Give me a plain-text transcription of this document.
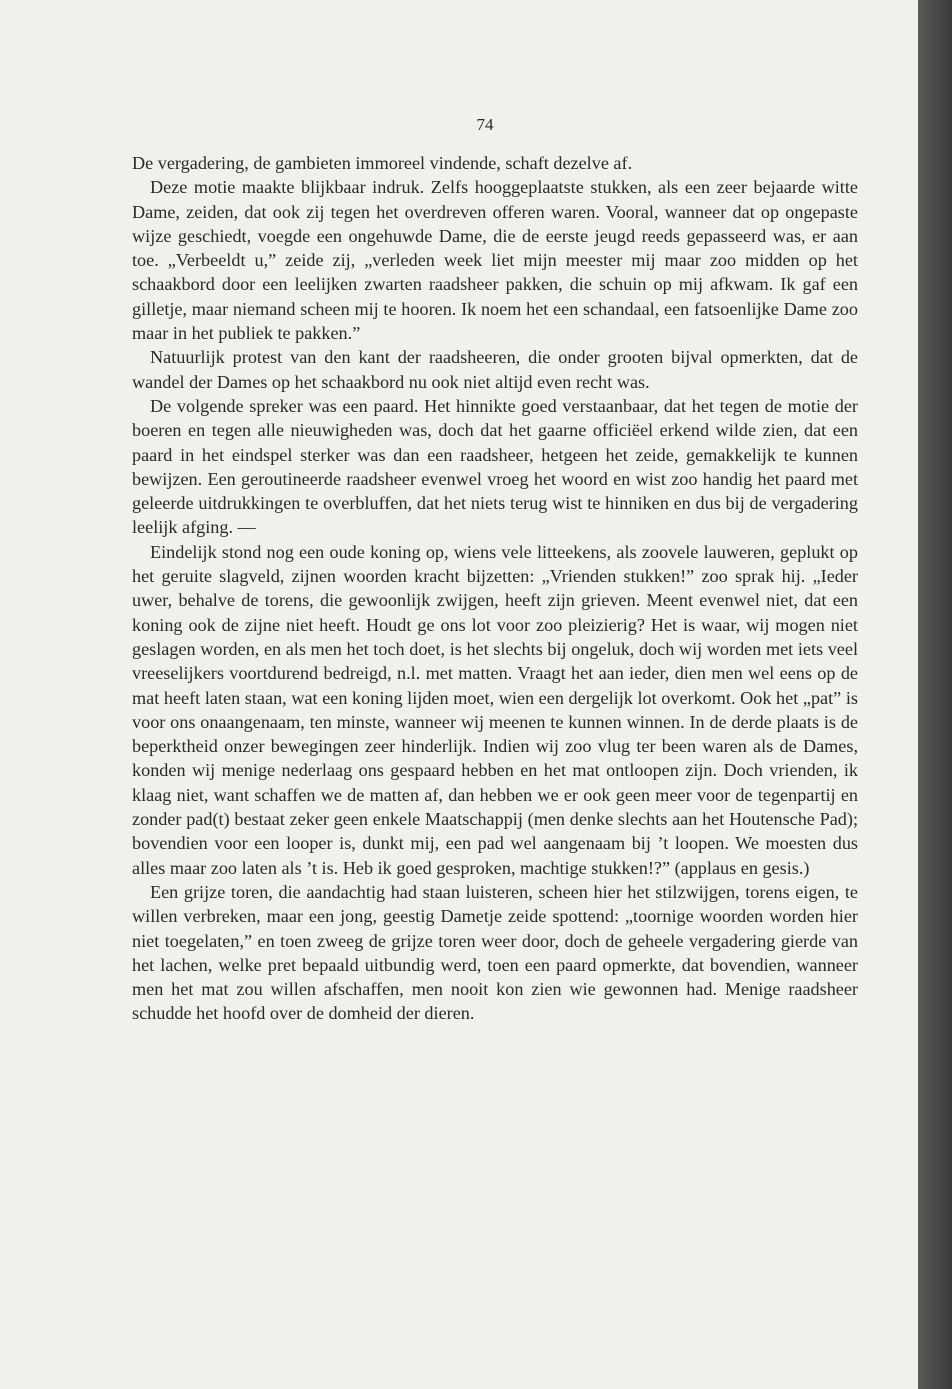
74

De vergadering, de gambieten immoreel vindende, schaft dezelve af.

Deze motie maakte blijkbaar indruk. Zelfs hooggeplaatste stukken, als een zeer bejaarde witte Dame, zeiden, dat ook zij tegen het overdreven offeren waren. Vooral, wanneer dat op ongepaste wijze geschiedt, voegde een ongehuwde Dame, die de eerste jeugd reeds gepasseerd was, er aan toe. „Verbeeldt u,” zeide zij, „verleden week liet mijn meester mij maar zoo midden op het schaakbord door een leelijken zwarten raadsheer pakken, die schuin op mij afkwam. Ik gaf een gilletje, maar niemand scheen mij te hooren. Ik noem het een schandaal, een fatsoenlijke Dame zoo maar in het publiek te pakken.”

Natuurlijk protest van den kant der raadsheeren, die onder grooten bijval opmerkten, dat de wandel der Dames op het schaakbord nu ook niet altijd even recht was.

De volgende spreker was een paard. Het hinnikte goed verstaanbaar, dat het tegen de motie der boeren en tegen alle nieuwigheden was, doch dat het gaarne officiëel erkend wilde zien, dat een paard in het eindspel sterker was dan een raadsheer, hetgeen het zeide, gemakkelijk te kunnen bewijzen. Een geroutineerde raadsheer evenwel vroeg het woord en wist zoo handig het paard met geleerde uitdrukkingen te overbluffen, dat het niets terug wist te hinniken en dus bij de vergadering leelijk afging. —

Eindelijk stond nog een oude koning op, wiens vele litteekens, als zoovele lauweren, geplukt op het geruite slagveld, zijnen woorden kracht bijzetten: „Vrienden stukken!” zoo sprak hij. „Ieder uwer, behalve de torens, die gewoonlijk zwijgen, heeft zijn grieven. Meent evenwel niet, dat een koning ook de zijne niet heeft. Houdt ge ons lot voor zoo pleizierig? Het is waar, wij mogen niet geslagen worden, en als men het toch doet, is het slechts bij ongeluk, doch wij worden met iets veel vreeselijkers voortdurend bedreigd, n.l. met matten. Vraagt het aan ieder, dien men wel eens op de mat heeft laten staan, wat een koning lijden moet, wien een dergelijk lot overkomt. Ook het „pat” is voor ons onaangenaam, ten minste, wanneer wij meenen te kunnen winnen. In de derde plaats is de beperktheid onzer bewegingen zeer hinderlijk. Indien wij zoo vlug ter been waren als de Dames, konden wij menige nederlaag ons gespaard hebben en het mat ontloopen zijn. Doch vrienden, ik klaag niet, want schaffen we de matten af, dan hebben we er ook geen meer voor de tegenpartij en zonder pad(t) bestaat zeker geen enkele Maatschappij (men denke slechts aan het Houtensche Pad); bovendien voor een looper is, dunkt mij, een pad wel aangenaam bij ’t loopen. We moesten dus alles maar zoo laten als ’t is. Heb ik goed gesproken, machtige stukken!?” (applaus en gesis.)

Een grijze toren, die aandachtig had staan luisteren, scheen hier het stilzwijgen, torens eigen, te willen verbreken, maar een jong, geestig Dametje zeide spottend: „toornige woorden worden hier niet toegelaten,” en toen zweeg de grijze toren weer door, doch de geheele vergadering gierde van het lachen, welke pret bepaald uitbundig werd, toen een paard opmerkte, dat bovendien, wanneer men het mat zou willen afschaffen, men nooit kon zien wie gewonnen had. Menige raadsheer schudde het hoofd over de domheid der dieren.
